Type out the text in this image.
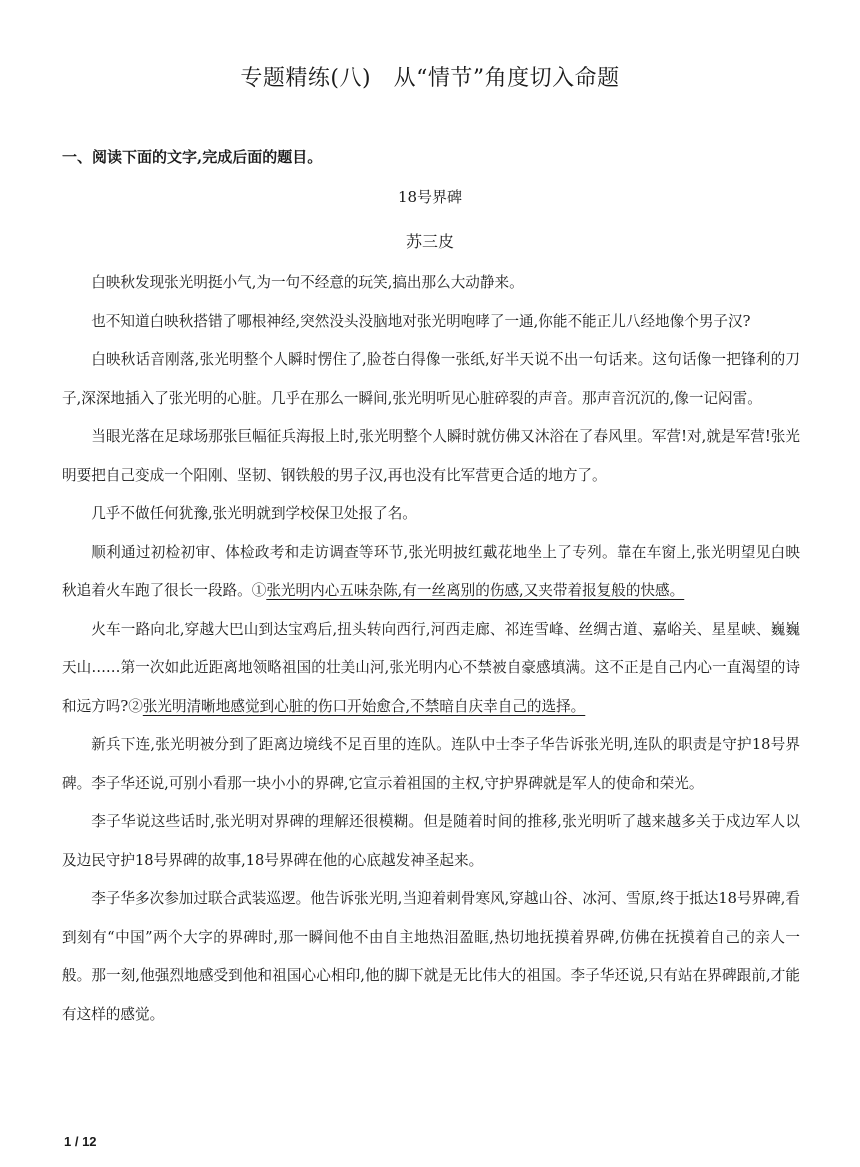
专题精练(八)　从“情节”角度切入命题
一、阅读下面的文字,完成后面的题目。
18号界碑
苏三皮

白映秋发现张光明挺小气,为一句不经意的玩笑,搞出那么大动静来。

也不知道白映秋搭错了哪根神经,突然没头没脑地对张光明咆哮了一通,你能不能正儿八经地像个男子汉?

白映秋话音刚落,张光明整个人瞬时愣住了,脸苍白得像一张纸,好半天说不出一句话来。这句话像一把锋利的刀子,深深地插入了张光明的心脏。几乎在那么一瞬间,张光明听见心脏碎裂的声音。那声音沉沉的,像一记闷雷。

当眼光落在足球场那张巨幅征兵海报上时,张光明整个人瞬时就仿佛又沐浴在了春风里。军营!对,就是军营!张光明要把自己变成一个阳刚、坚韧、钢铁般的男子汉,再也没有比军营更合适的地方了。

几乎不做任何犹豫,张光明就到学校保卫处报了名。

顺利通过初检初审、体检政考和走访调查等环节,张光明披红戴花地坐上了专列。靠在车窗上,张光明望见白映秋追着火车跑了很长一段路。①张光明内心五味杂陈,有一丝离别的伤感,又夹带着报复般的快感。

火车一路向北,穿越大巴山到达宝鸡后,扭头转向西行,河西走廊、祁连雪峰、丝绸古道、嘉峪关、星星峡、巍巍天山……第一次如此近距离地领略祖国的壮美山河,张光明内心不禁被自豪感填满。这不正是自己内心一直渴望的诗和远方吗?②张光明清晰地感觉到心脏的伤口开始愈合,不禁暗自庆幸自己的选择。

新兵下连,张光明被分到了距离边境线不足百里的连队。连队中士李子华告诉张光明,连队的职责是守护18号界碑。李子华还说,可别小看那一块小小的界碑,它宣示着祖国的主权,守护界碑就是军人的使命和荣光。

李子华说这些话时,张光明对界碑的理解还很模糊。但是随着时间的推移,张光明听了越来越多关于戍边军人以及边民守护18号界碑的故事,18号界碑在他的心底越发神圣起来。

李子华多次参加过联合武装巡逻。他告诉张光明,当迎着刺骨寒风,穿越山谷、冰河、雪原,终于抵达18号界碑,看到刻有“中国”两个大字的界碑时,那一瞬间他不由自主地热泪盈眶,热切地抚摸着界碑,仿佛在抚摸着自己的亲人一般。那一刻,他强烈地感受到他和祖国心心相印,他的脚下就是无比伟大的祖国。李子华还说,只有站在界碑跟前,才能有这样的感觉。

1 / 12
